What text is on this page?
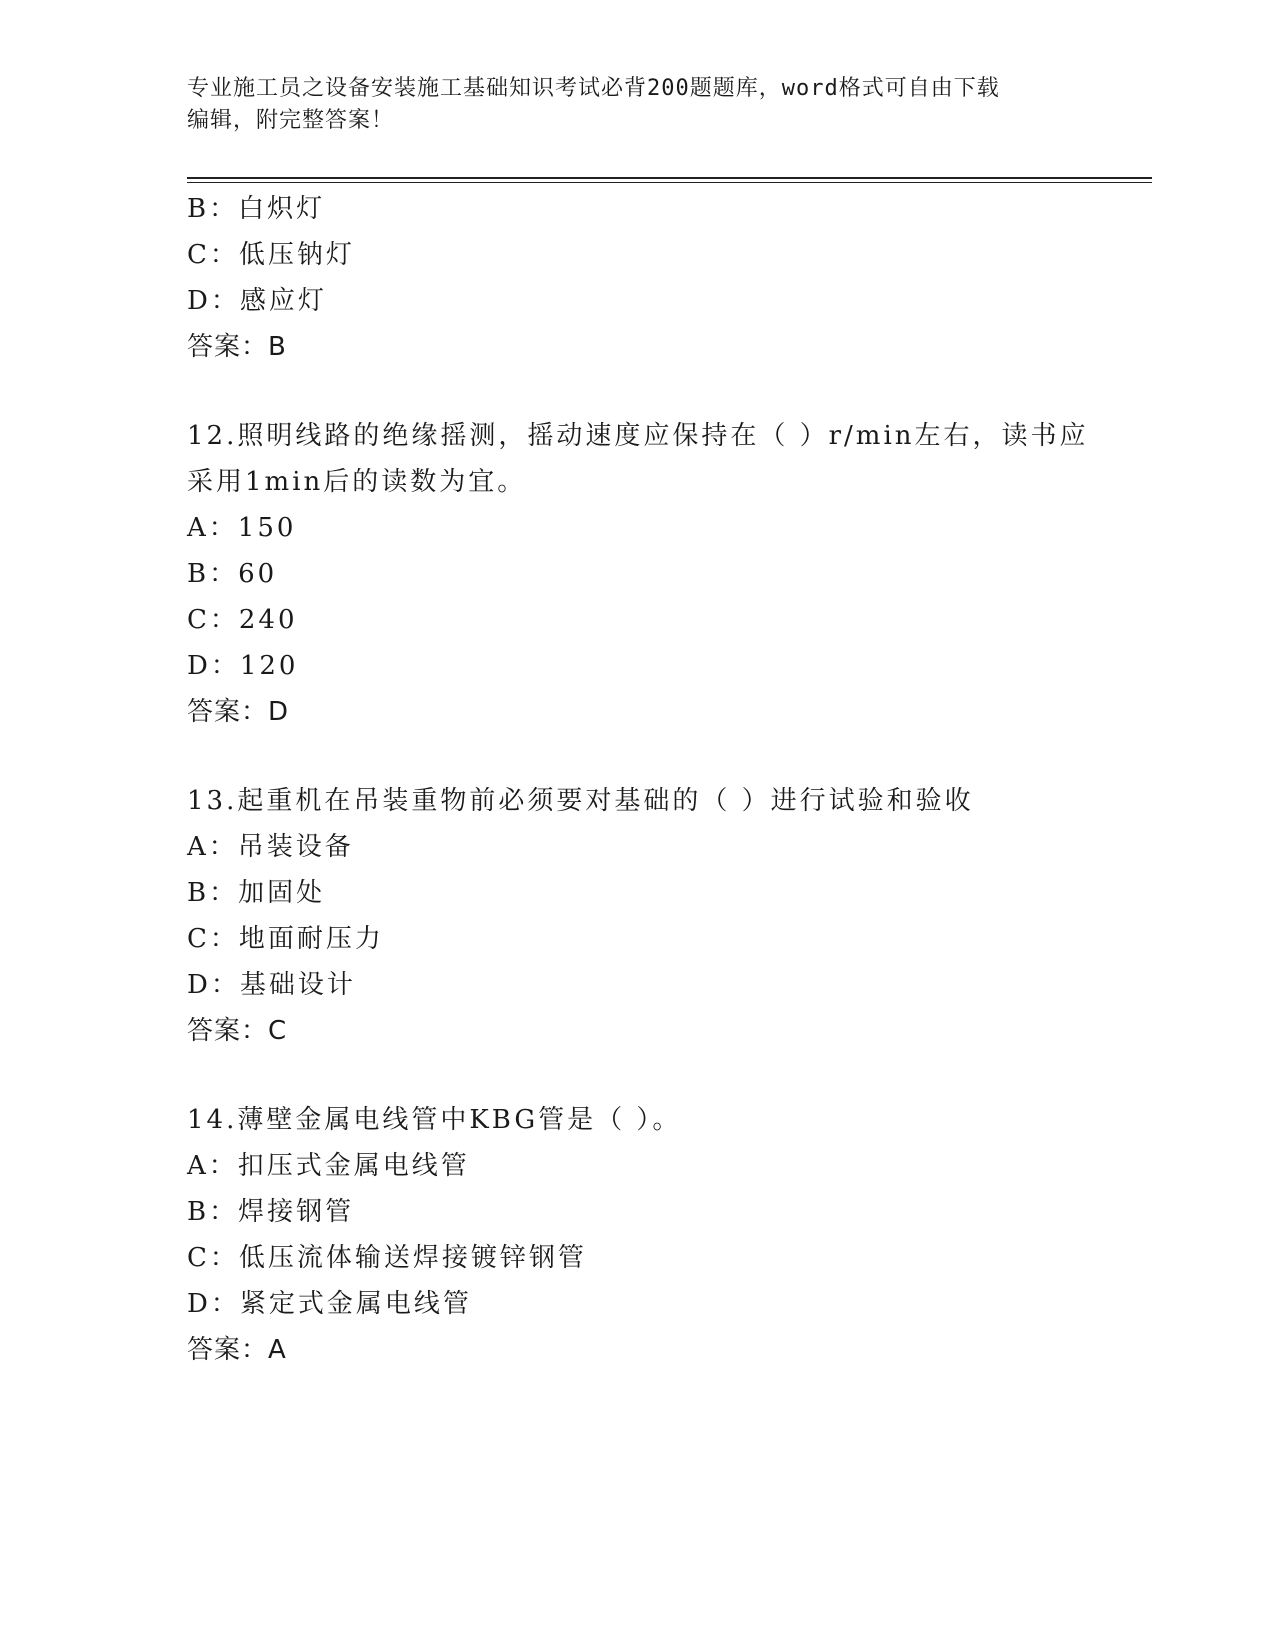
专业施工员之设备安装施工基础知识考试必背200题题库，word格式可自由下载
编辑，附完整答案！
B：白炽灯
C：低压钠灯
D：感应灯
答案：B
12.照明线路的绝缘摇测，摇动速度应保持在（ ）r/min左右，读书应
采用1min后的读数为宜。
A：150
B：60
C：240
D：120
答案：D
13.起重机在吊装重物前必须要对基础的（ ）进行试验和验收
A：吊装设备
B：加固处
C：地面耐压力
D：基础设计
答案：C
14.薄壁金属电线管中KBG管是（ ）。
A：扣压式金属电线管
B：焊接钢管
C：低压流体输送焊接镀锌钢管
D：紧定式金属电线管
答案：A
